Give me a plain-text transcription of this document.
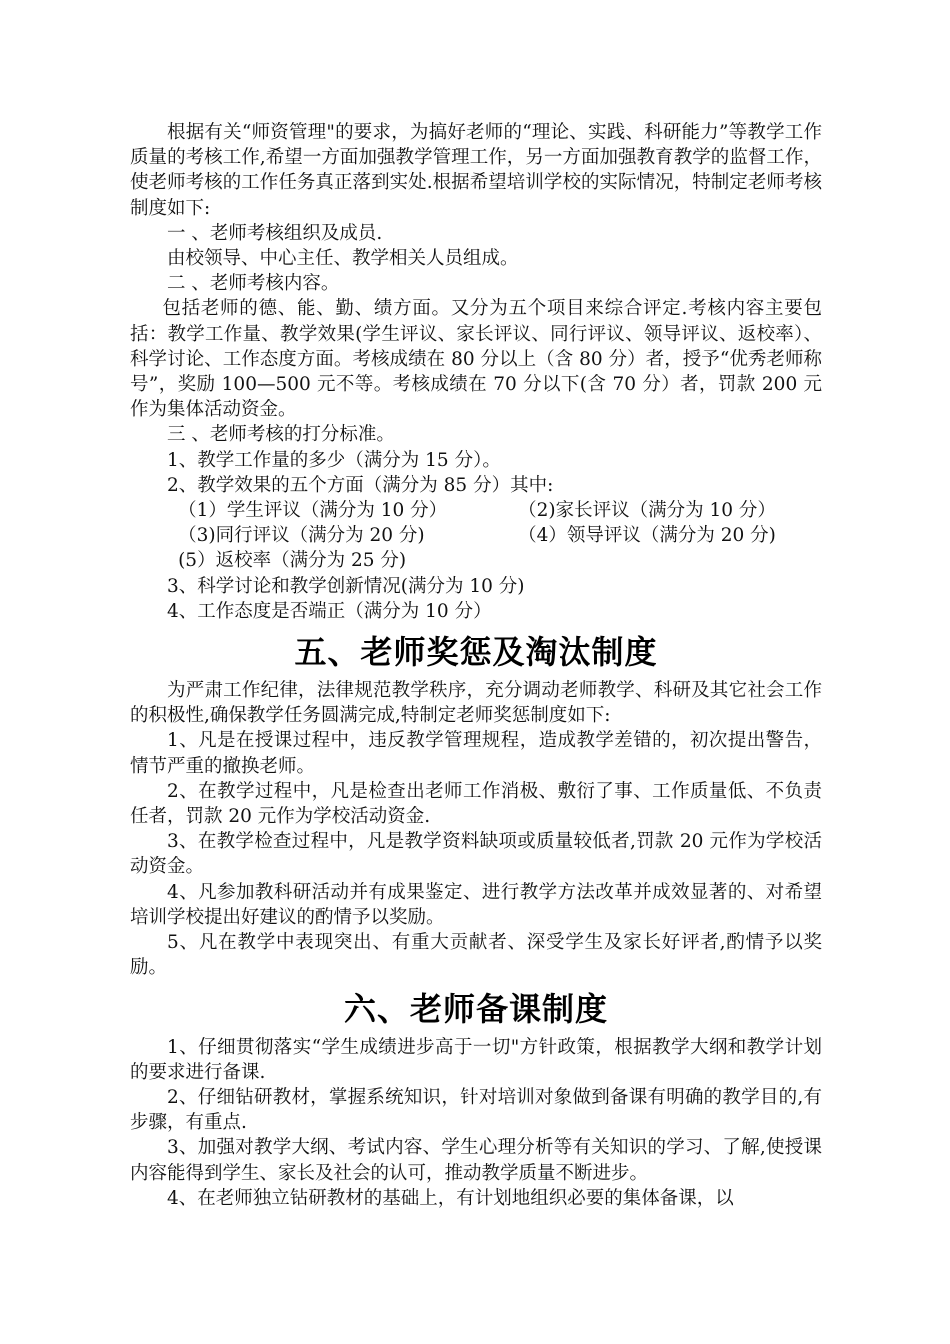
根据有关“师资管理"的要求，为搞好老师的“理论、实践、科研能力”等教学工作质量的考核工作,希望一方面加强教学管理工作，另一方面加强教育教学的监督工作，使老师考核的工作任务真正落到实处.根据希望培训学校的实际情况，特制定老师考核制度如下:

一 、老师考核组织及成员.

由校领导、中心主任、教学相关人员组成。

二 、老师考核内容。

包括老师的德、能、勤、绩方面。又分为五个项目来综合评定.考核内容主要包括：教学工作量、教学效果(学生评议、家长评议、同行评议、领导评议、返校率）、科学讨论、工作态度方面。考核成绩在 80 分以上（含 80 分）者，授予“优秀老师称号”，奖励 100—500 元不等。考核成绩在 70 分以下(含 70 分）者，罚款 200 元作为集体活动资金。

三 、老师考核的打分标准。

1、教学工作量的多少（满分为 15 分）。

2、教学效果的五个方面（满分为 85 分）其中:

（1）学生评议（满分为 10 分）	（2)家长评议（满分为 10 分）
（3)同行评议（满分为 20 分)	（4）领导评议（满分为 20 分)
(5）返校率（满分为 25 分)

3、科学讨论和教学创新情况(满分为 10 分)

4、工作态度是否端正（满分为 10 分）

五、老师奖惩及淘汰制度

为严肃工作纪律，法律规范教学秩序，充分调动老师教学、科研及其它社会工作的积极性,确保教学任务圆满完成,特制定老师奖惩制度如下:

1、凡是在授课过程中，违反教学管理规程，造成教学差错的，初次提出警告，情节严重的撤换老师。

2、在教学过程中，凡是检查出老师工作消极、敷衍了事、工作质量低、不负责任者，罚款 20 元作为学校活动资金.

3、在教学检查过程中，凡是教学资料缺项或质量较低者,罚款 20 元作为学校活动资金。

4、凡参加教科研活动并有成果鉴定、进行教学方法改革并成效显著的、对希望培训学校提出好建议的酌情予以奖励。

5、凡在教学中表现突出、有重大贡献者、深受学生及家长好评者,酌情予以奖励。

六、老师备课制度

1、仔细贯彻落实“学生成绩进步高于一切"方针政策，根据教学大纲和教学计划的要求进行备课.

2、仔细钻研教材，掌握系统知识，针对培训对象做到备课有明确的教学目的,有步骤，有重点.

3、加强对教学大纲、考试内容、学生心理分析等有关知识的学习、了解,使授课内容能得到学生、家长及社会的认可，推动教学质量不断进步。

4、在老师独立钻研教材的基础上，有计划地组织必要的集体备课，以
